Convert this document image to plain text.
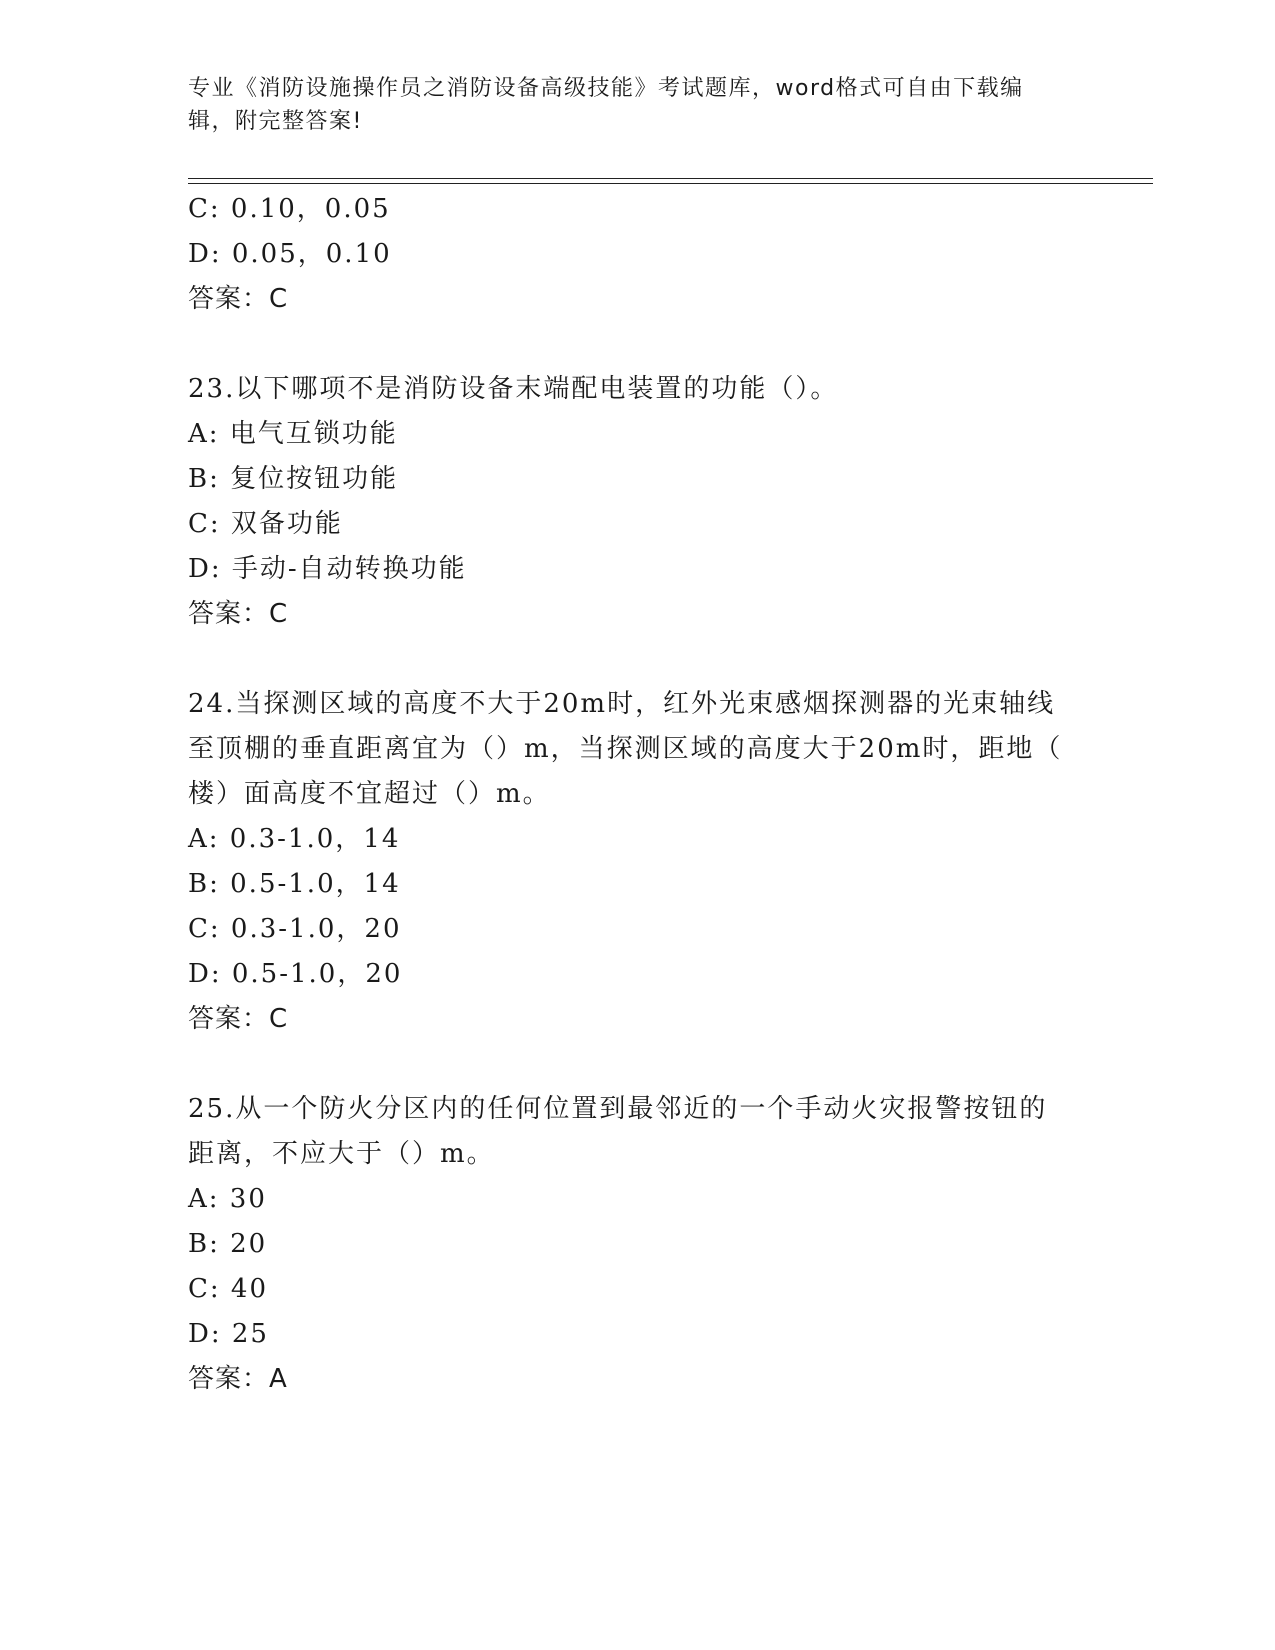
专业《消防设施操作员之消防设备高级技能》考试题库，word格式可自由下载编辑，附完整答案!
C: 0.10，0.05
D: 0.05，0.10
答案：C
23.以下哪项不是消防设备末端配电装置的功能（）。
A: 电气互锁功能
B: 复位按钮功能
C: 双备功能
D: 手动-自动转换功能
答案：C
24.当探测区域的高度不大于20m时，红外光束感烟探测器的光束轴线
至顶棚的垂直距离宜为（）m，当探测区域的高度大于20m时，距地（
楼）面高度不宜超过（）m。
A: 0.3-1.0，14
B: 0.5-1.0，14
C: 0.3-1.0，20
D: 0.5-1.0，20
答案：C
25.从一个防火分区内的任何位置到最邻近的一个手动火灾报警按钮的
距离，不应大于（）m。
A: 30
B: 20
C: 40
D: 25
答案：A
